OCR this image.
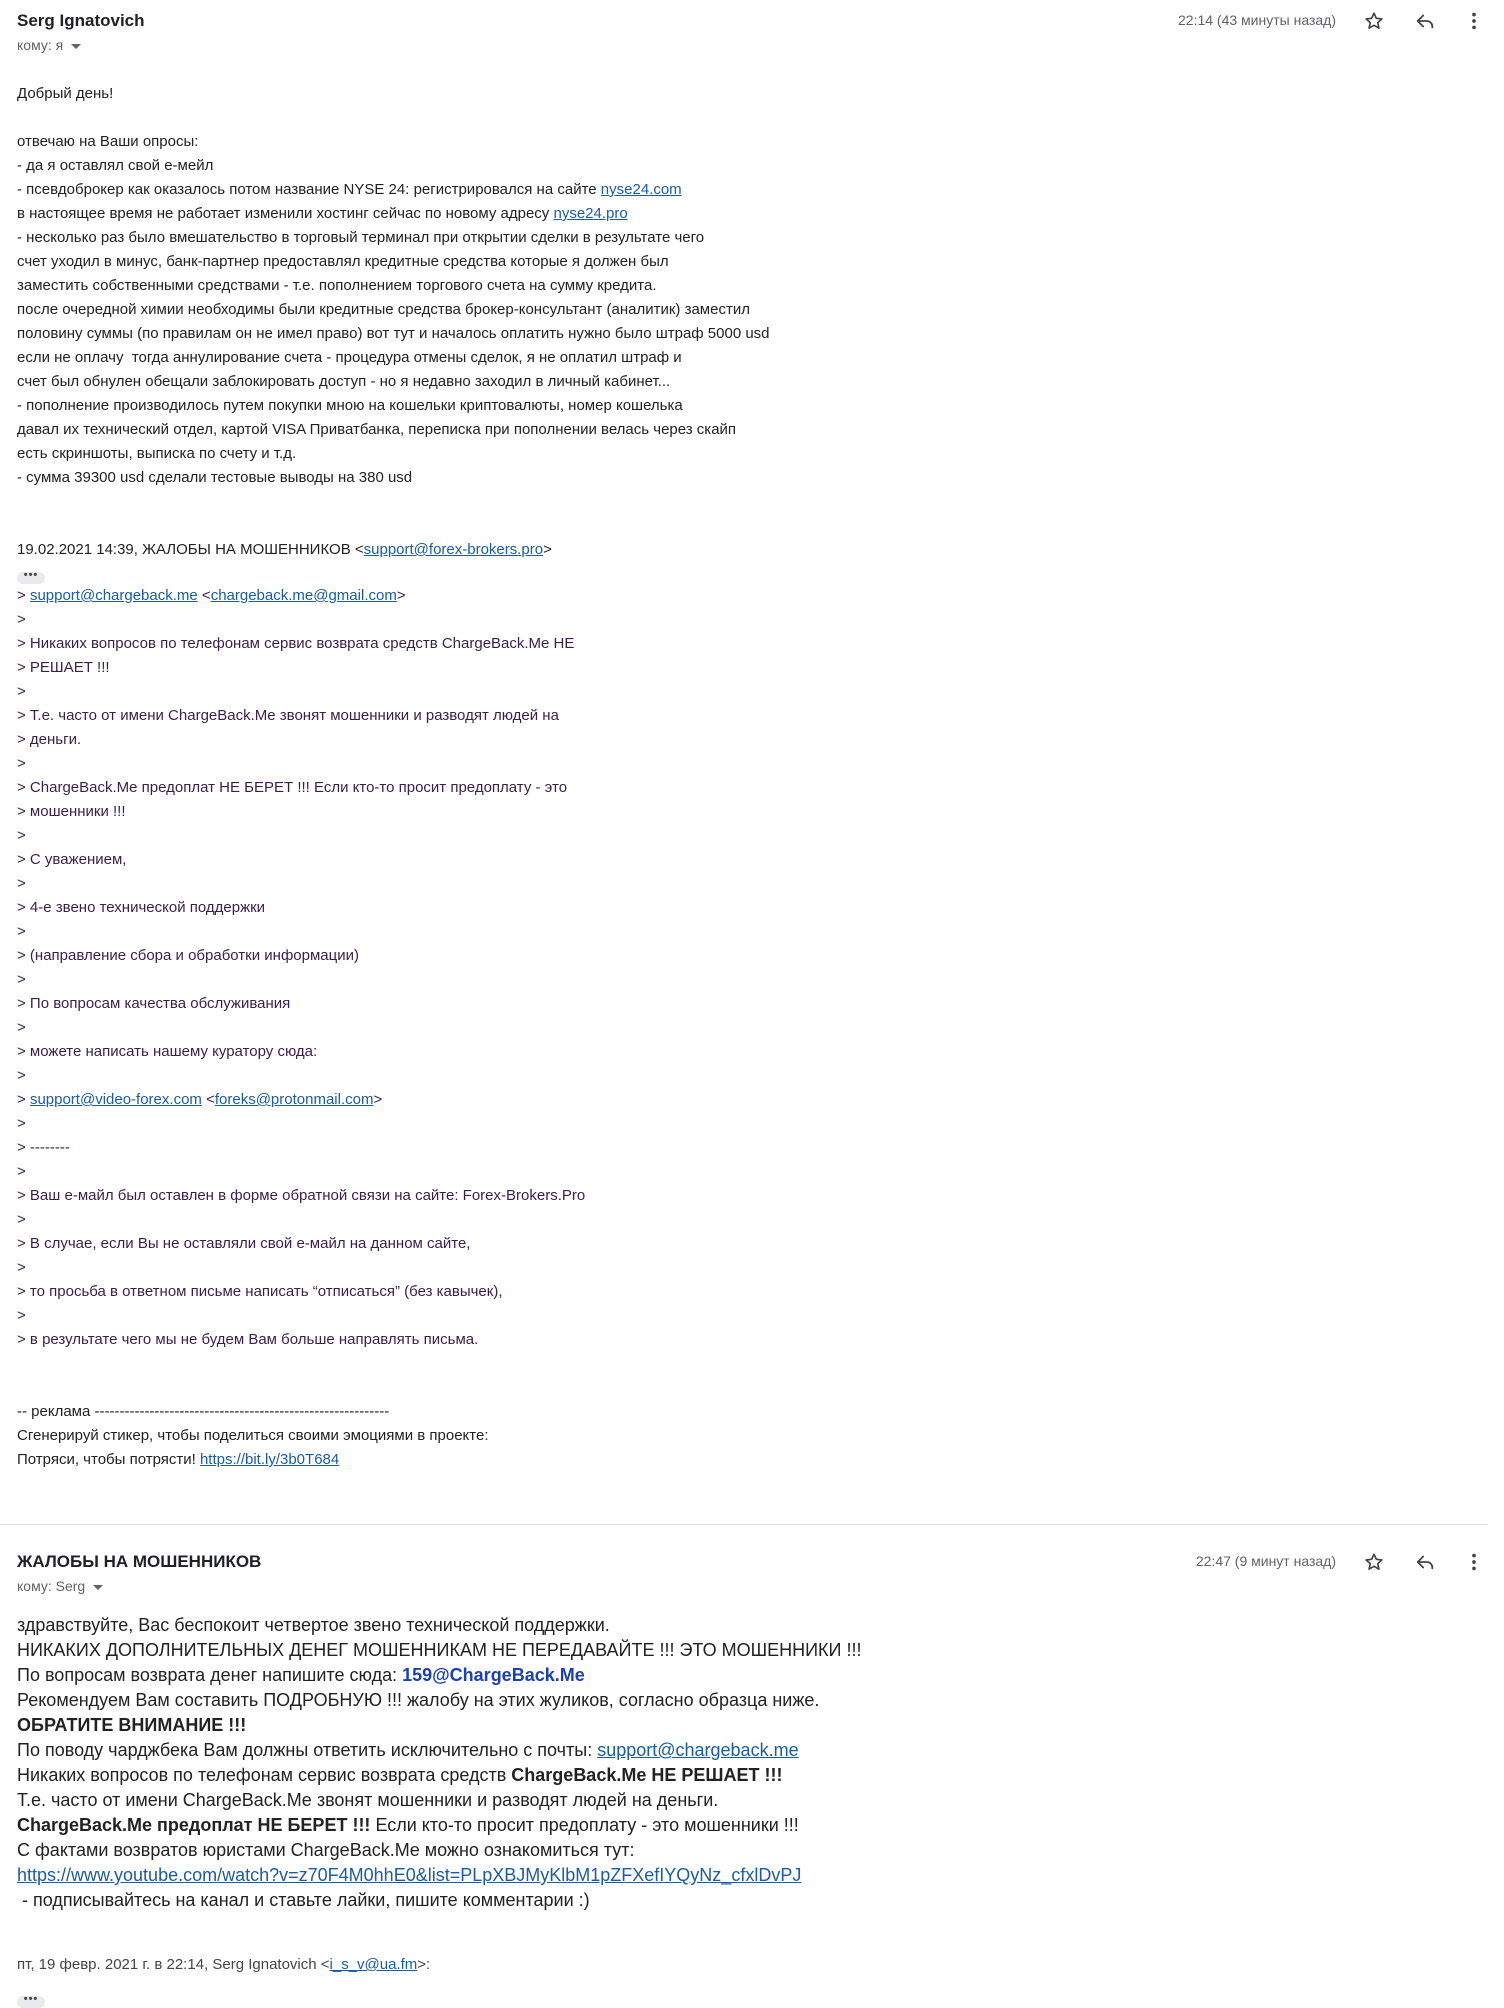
Serg Ignatovich
кому: я
22:14 (43 минуты назад)
Добрый день!
отвечаю на Ваши опросы:
- да я оставлял свой е-мейл
- псевдоброкер как оказалось потом название NYSE 24: регистрировался на сайте nyse24.com
в настоящее время не работает изменили хостинг сейчас по новому адресу nyse24.pro
- несколько раз было вмешательство в торговый терминал при открытии сделки в результате чего
счет уходил в минус, банк-партнер предоставлял кредитные средства которые я должен был
заместить собственными средствами - т.е. пополнением торгового счета на сумму кредита.
после очередной химии необходимы были кредитные средства брокер-консультант (аналитик) заместил
половину суммы (по правилам он не имел право) вот тут и началось оплатить нужно было штраф 5000 usd
если не оплачу  тогда аннулирование счета - процедура отмены сделок, я не оплатил штраф и
счет был обнулен обещали заблокировать доступ - но я недавно заходил в личный кабинет...
- пополнение производилось путем покупки мною на кошельки криптовалюты, номер кошелька
давал их технический отдел, картой VISA Приватбанка, переписка при пополнении велась через скайп
есть скриншоты, выписка по счету и т.д.
- сумма 39300 usd сделали тестовые выводы на 380 usd
19.02.2021 14:39, ЖАЛОБЫ НА МОШЕННИКОВ <support@forex-brokers.pro>
•••
> support@chargeback.me <chargeback.me@gmail.com>
>
> Никаких вопросов по телефонам сервис возврата средств ChargeBack.Me НЕ
> РЕШАЕТ !!!
>
> Т.е. часто от имени ChargeBack.Me звонят мошенники и разводят людей на
> деньги.
>
> ChargeBack.Me предоплат НЕ БЕРЕТ !!! Если кто-то просит предоплату - это
> мошенники !!!
>
> С уважением,
>
> 4-е звено технической поддержки
>
> (направление сбора и обработки информации)
>
> По вопросам качества обслуживания
>
> можете написать нашему куратору сюда:
>
> support@video-forex.com <foreks@protonmail.com>
>
> --------
>
> Ваш е-майл был оставлен в форме обратной связи на сайте: Forex-Brokers.Pro
>
> В случае, если Вы не оставляли свой е-майл на данном сайте,
>
> то просьба в ответном письме написать “отписаться” (без кавычек),
>
> в результате чего мы не будем Вам больше направлять письма.
-- реклама -----------------------------------------------------------
Сгенерируй стикер, чтобы поделиться своими эмоциями в проекте:
Потряси, чтобы потрясти! https://bit.ly/3b0T684
ЖАЛОБЫ НА МОШЕННИКОВ
кому: Serg
22:47 (9 минут назад)
здравствуйте, Вас беспокоит четвертое звено технической поддержки.
НИКАКИХ ДОПОЛНИТЕЛЬНЫХ ДЕНЕГ МОШЕННИКАМ НЕ ПЕРЕДАВАЙТЕ !!! ЭТО МОШЕННИКИ !!!
По вопросам возврата денег напишите сюда: 159@ChargeBack.Me
Рекомендуем Вам составить ПОДРОБНУЮ !!! жалобу на этих жуликов, согласно образца ниже.
ОБРАТИТЕ ВНИМАНИЕ !!!
По поводу чарджбека Вам должны ответить исключительно с почты: support@chargeback.me
Никаких вопросов по телефонам сервис возврата средств ChargeBack.Me НЕ РЕШАЕТ !!!
Т.е. часто от имени ChargeBack.Me звонят мошенники и разводят людей на деньги.
ChargeBack.Me предоплат НЕ БЕРЕТ !!! Если кто-то просит предоплату - это мошенники !!!
С фактами возвратов юристами ChargeBack.Me можно ознакомиться тут:
https://www.youtube.com/watch?v=z70F4M0hhE0&list=PLpXBJMyKlbM1pZFXefIYQyNz_cfxlDvPJ
- подписывайтесь на канал и ставьте лайки, пишите комментарии :)
пт, 19 февр. 2021 г. в 22:14, Serg Ignatovich <i_s_v@ua.fm>:
•••
